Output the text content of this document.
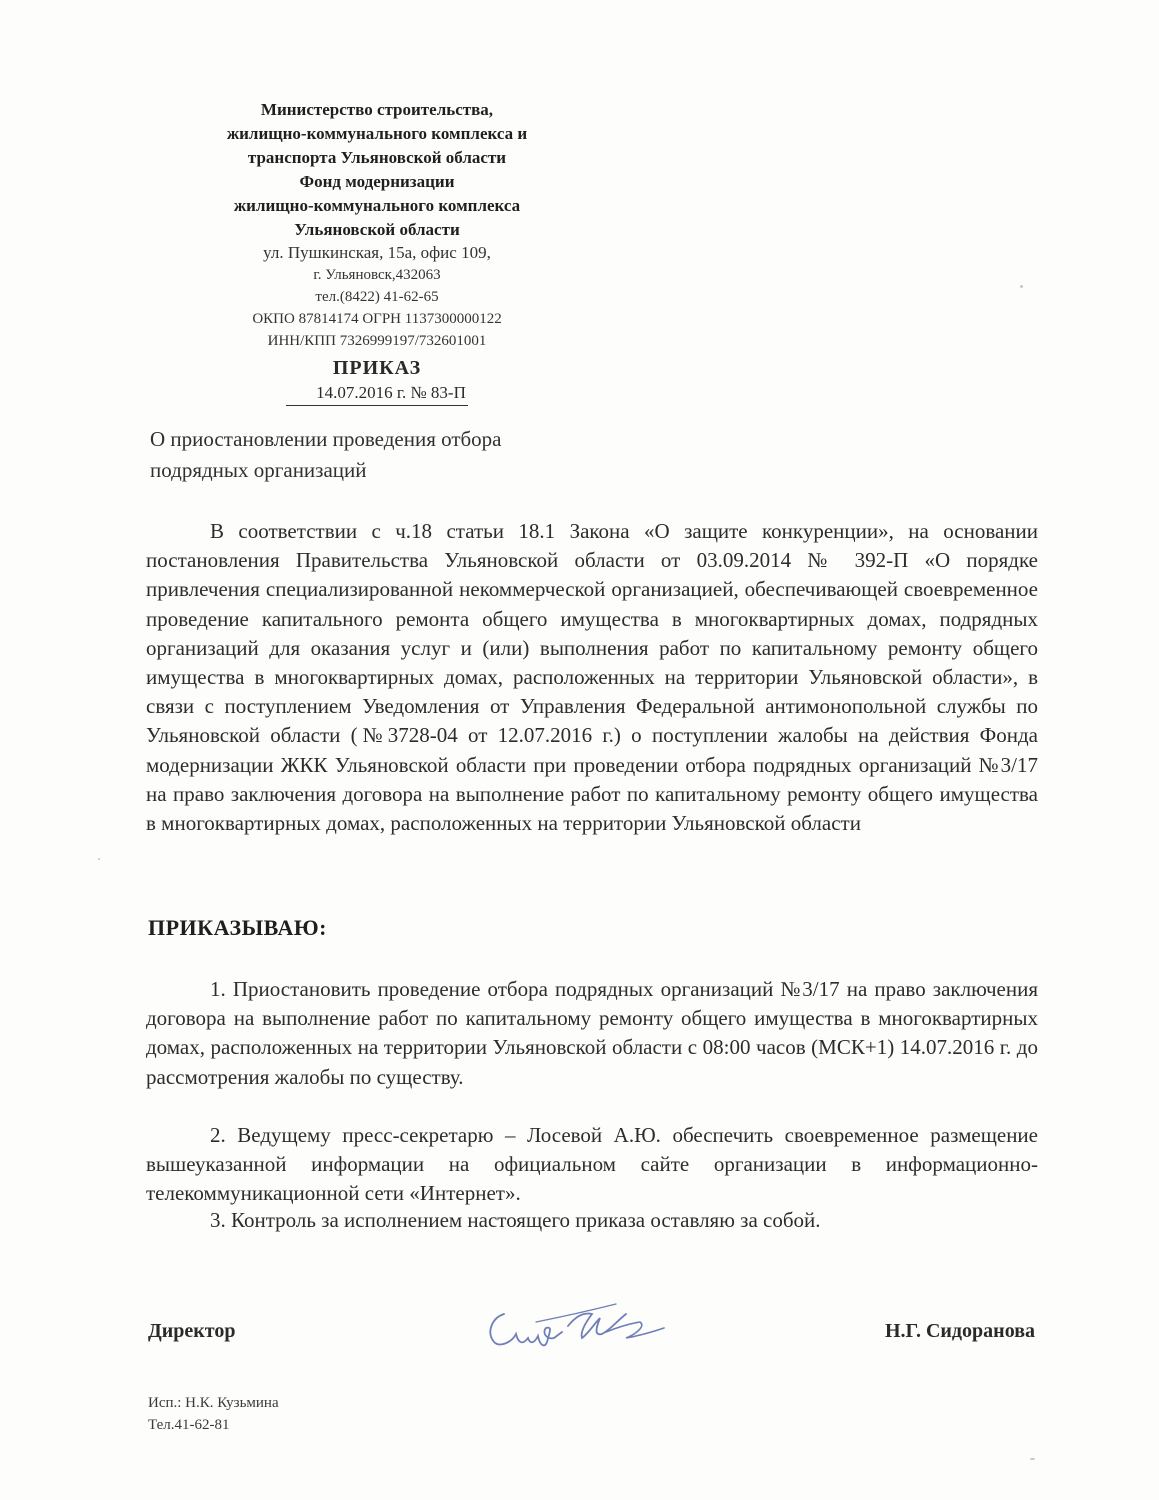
Министерство строительства,
жилищно-коммунального комплекса и
транспорта Ульяновской области
Фонд модернизации
жилищно-коммунального комплекса
Ульяновской области
ул. Пушкинская, 15а, офис 109,
г. Ульяновск,432063
тел.(8422) 41-62-65
ОКПО 87814174 ОГРН 1137300000122
ИНН/КПП 7326999197/732601001
ПРИКАЗ
14.07.2016 г. № 83-П
О приостановлении проведения отбора
подрядных организаций
В соответствии с ч.18 статьи 18.1 Закона «О защите конкуренции», на основании постановления Правительства Ульяновской области от 03.09.2014 № 392-П «О порядке привлечения специализированной некоммерческой организацией, обеспечивающей своевременное проведение капитального ремонта общего имущества в многоквартирных домах, подрядных организаций для оказания услуг и (или) выполнения работ по капитальному ремонту общего имущества в многоквартирных домах, расположенных на территории Ульяновской области», в связи с поступлением Уведомления от Управления Федеральной антимонопольной службы по Ульяновской области (№3728-04 от 12.07.2016 г.) о поступлении жалобы на действия Фонда модернизации ЖКК Ульяновской области при проведении отбора подрядных организаций №3/17 на право заключения договора на выполнение работ по капитальному ремонту общего имущества в многоквартирных домах, расположенных на территории Ульяновской области
ПРИКАЗЫВАЮ:
1. Приостановить проведение отбора подрядных организаций №3/17 на право заключения договора на выполнение работ по капитальному ремонту общего имущества в многоквартирных домах, расположенных на территории Ульяновской области с 08:00 часов (МСК+1) 14.07.2016 г. до рассмотрения жалобы по существу.
2. Ведущему пресс-секретарю – Лосевой А.Ю. обеспечить своевременное размещение вышеуказанной информации на официальном сайте организации в информационно-телекоммуникационной сети «Интернет».
3. Контроль за исполнением настоящего приказа оставляю за собой.
Директор	Н.Г. Сидоранова
Исп.: Н.К. Кузьмина
Тел.41-62-81
